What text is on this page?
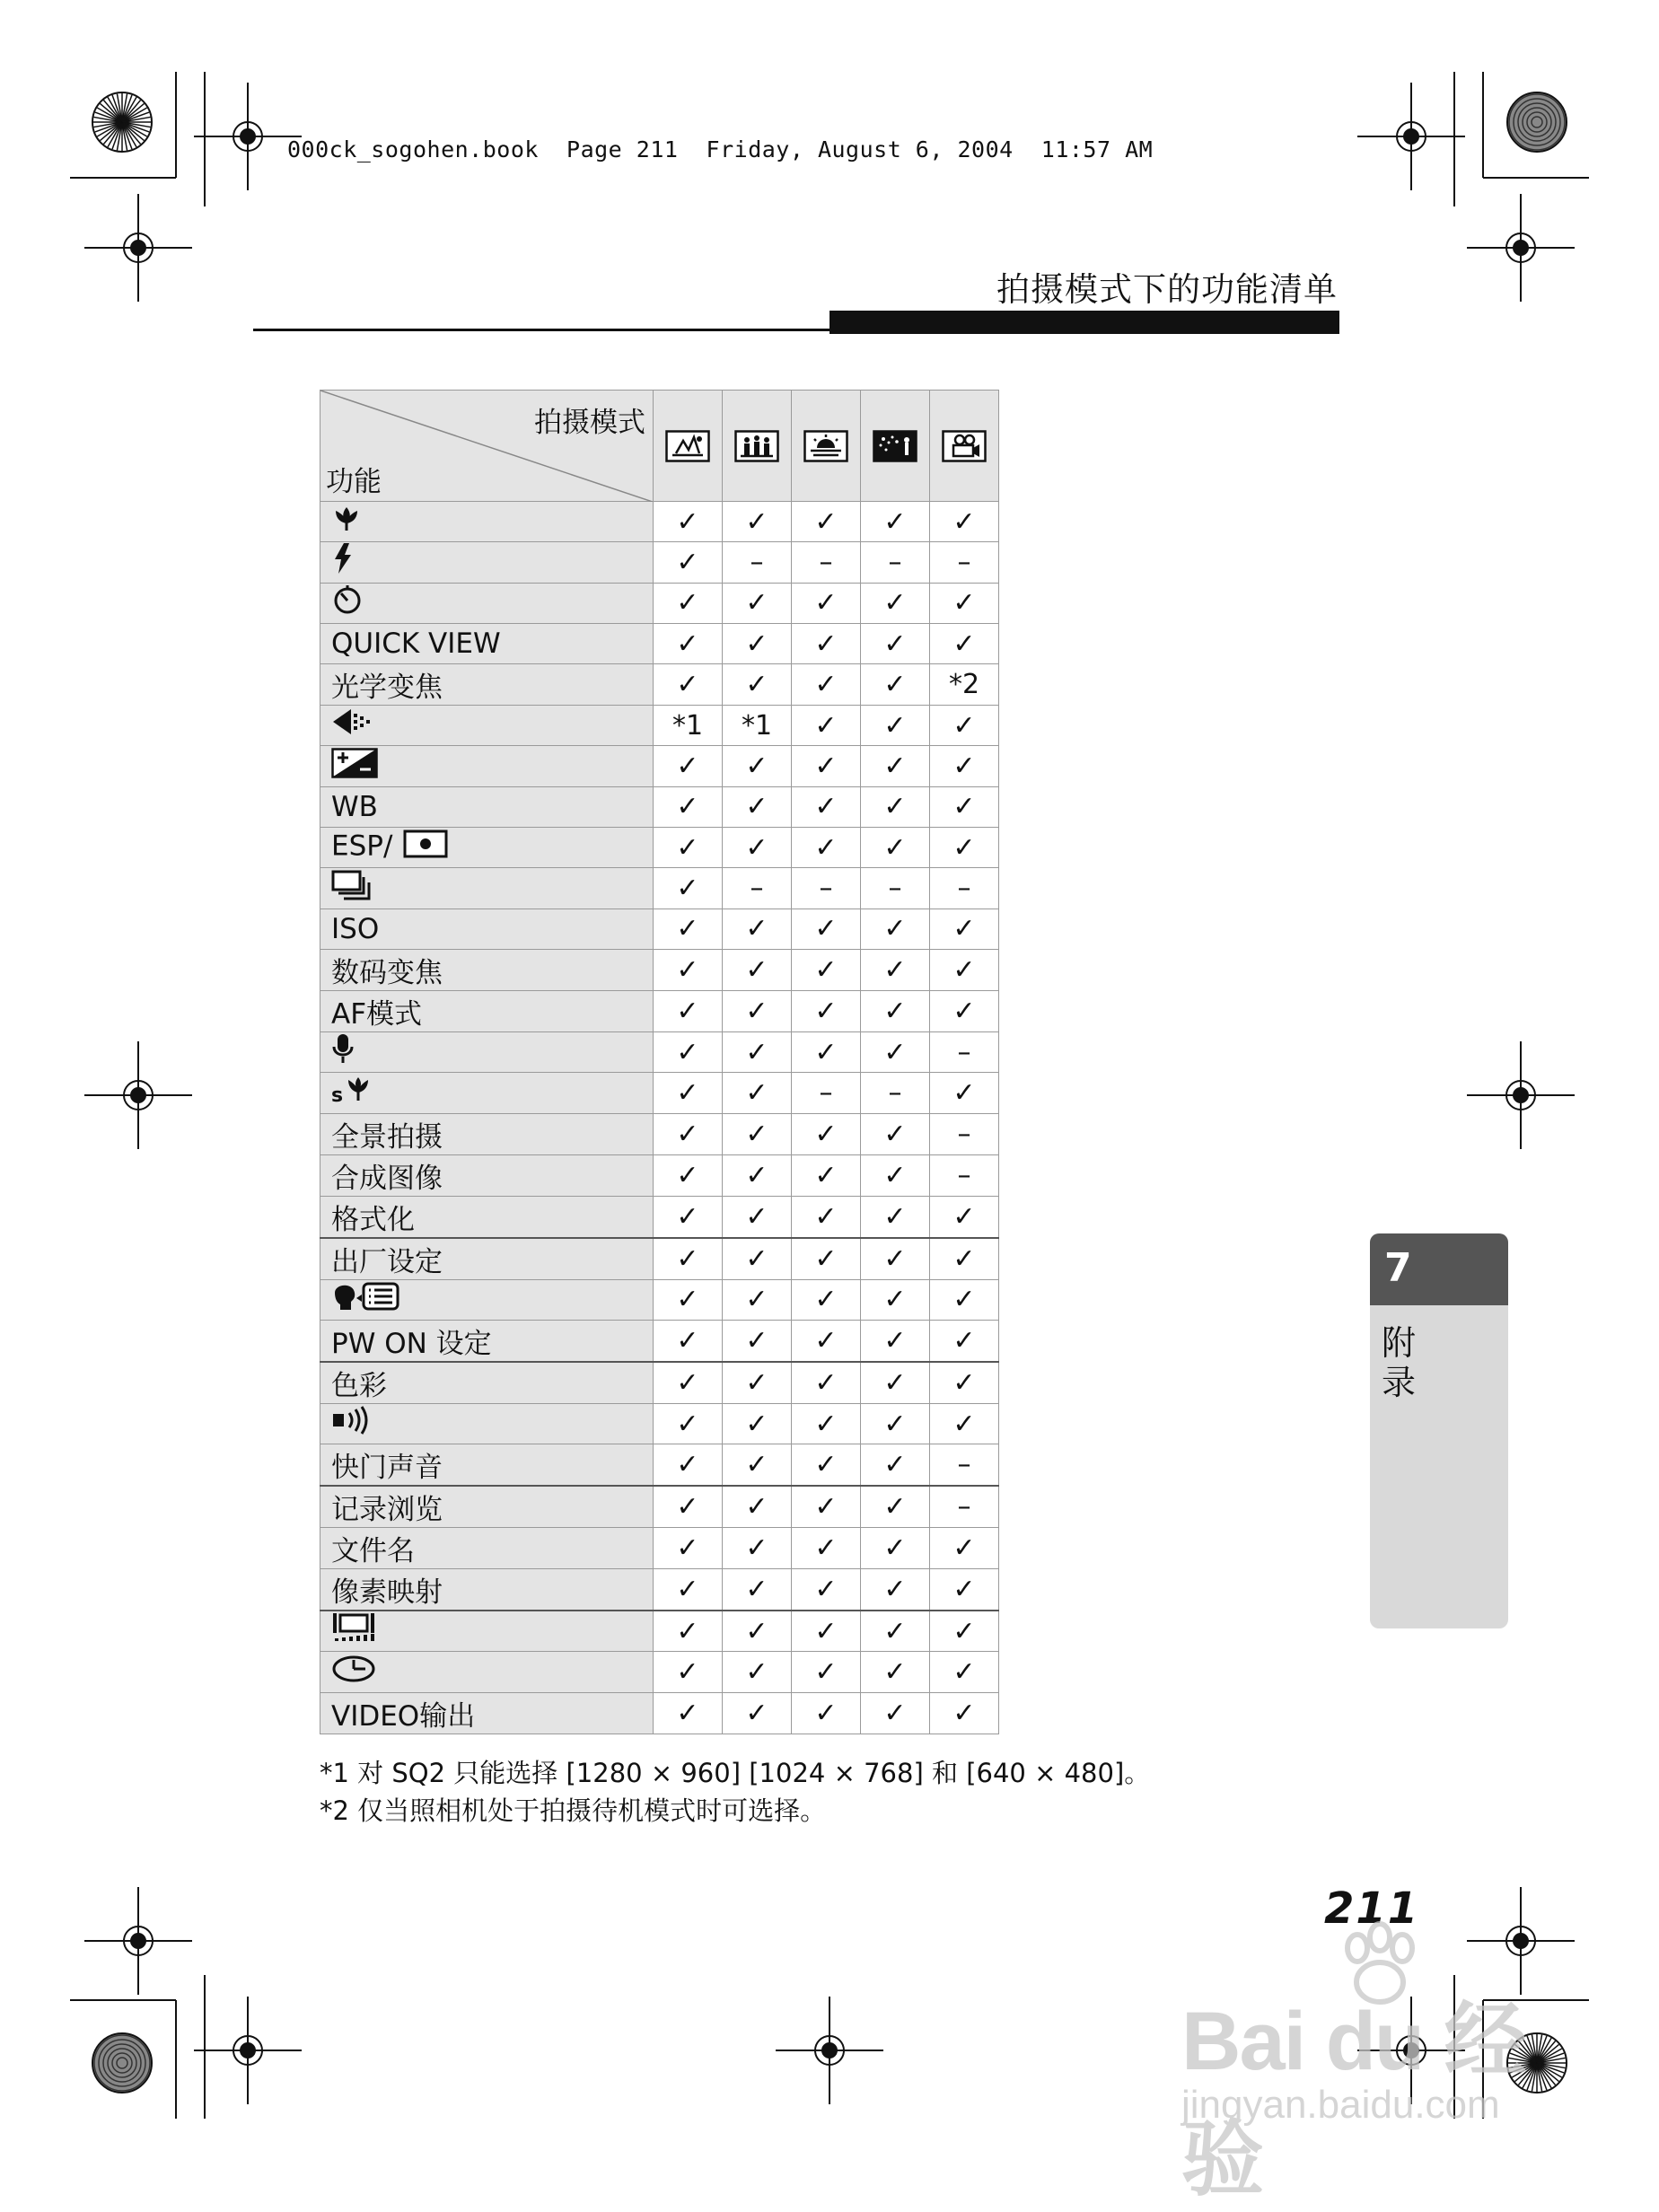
000ck_sogohen.book  Page 211  Friday, August 6, 2004  11:57 AM
拍摄模式下的功能清单
拍摄模式
功能

	✓	✓	✓	✓	✓
	✓	–	–	–	–
	✓	✓	✓	✓	✓
QUICK VIEW	✓	✓	✓	✓	✓
光学变焦	✓	✓	✓	✓	*2
	*1	*1	✓	✓	✓
	✓	✓	✓	✓	✓
WB	✓	✓	✓	✓	✓
ESP/	✓	✓	✓	✓	✓
	✓	–	–	–	–
ISO	✓	✓	✓	✓	✓
数码变焦	✓	✓	✓	✓	✓
AF模式	✓	✓	✓	✓	✓
	✓	✓	✓	✓	–

s	✓	✓	–	–	✓
全景拍摄	✓	✓	✓	✓	–
合成图像	✓	✓	✓	✓	–
格式化	✓	✓	✓	✓	✓
出厂设定	✓	✓	✓	✓	✓
	✓	✓	✓	✓	✓
PW ON 设定	✓	✓	✓	✓	✓
色彩	✓	✓	✓	✓	✓
	✓	✓	✓	✓	✓
快门声音	✓	✓	✓	✓	–
记录浏览	✓	✓	✓	✓	–
文件名	✓	✓	✓	✓	✓
像素映射	✓	✓	✓	✓	✓
	✓	✓	✓	✓	✓
	✓	✓	✓	✓	✓
VIDEO输出	✓	✓	✓	✓	✓
*1 对 SQ2 只能选择 [1280 × 960] [1024 × 768] 和 [640 × 480]。
*2 仅当照相机处于拍摄待机模式时可选择。
7
附录
211
Bai du 经验
jingyan.baidu.com
